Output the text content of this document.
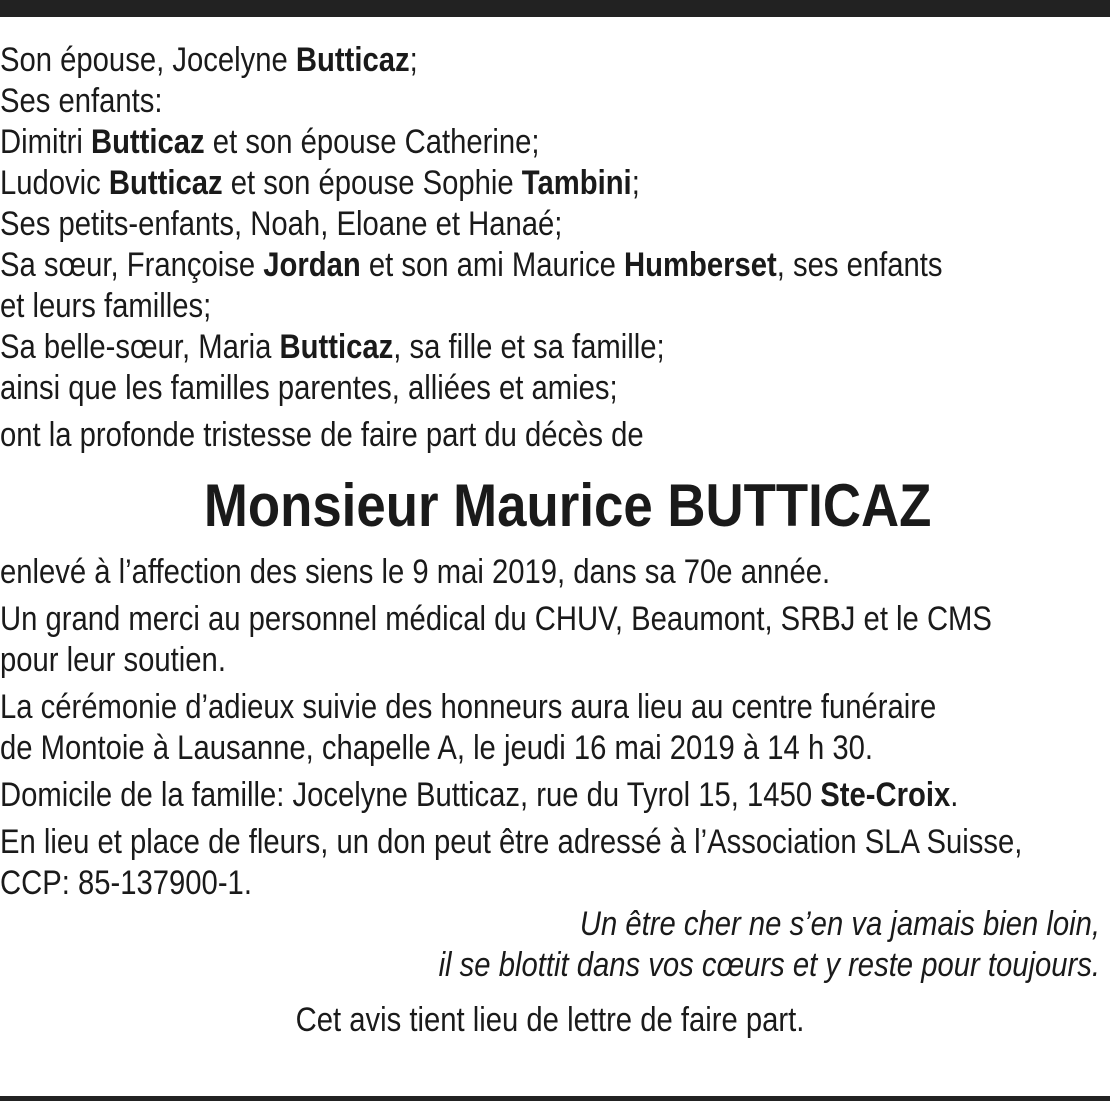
Son épouse, Jocelyne Butticaz;
Ses enfants:
Dimitri Butticaz et son épouse Catherine;
Ludovic Butticaz et son épouse Sophie Tambini;
Ses petits-enfants, Noah, Eloane et Hanaé;
Sa sœur, Françoise Jordan et son ami Maurice Humberset, ses enfants
et leurs familles;
Sa belle-sœur, Maria Butticaz, sa fille et sa famille;
ainsi que les familles parentes, alliées et amies;
ont la profonde tristesse de faire part du décès de
Monsieur Maurice BUTTICAZ
enlevé à l’affection des siens le 9 mai 2019, dans sa 70e année.
Un grand merci au personnel médical du CHUV, Beaumont, SRBJ et le CMS
pour leur soutien.
La cérémonie d’adieux suivie des honneurs aura lieu au centre funéraire
de Montoie à Lausanne, chapelle A, le jeudi 16 mai 2019 à 14 h 30.
Domicile de la famille: Jocelyne Butticaz, rue du Tyrol 15, 1450 Ste-Croix.
En lieu et place de fleurs, un don peut être adressé à l’Association SLA Suisse,
CCP: 85-137900-1.
Un être cher ne s’en va jamais bien loin,
il se blottit dans vos cœurs et y reste pour toujours.
Cet avis tient lieu de lettre de faire part.
